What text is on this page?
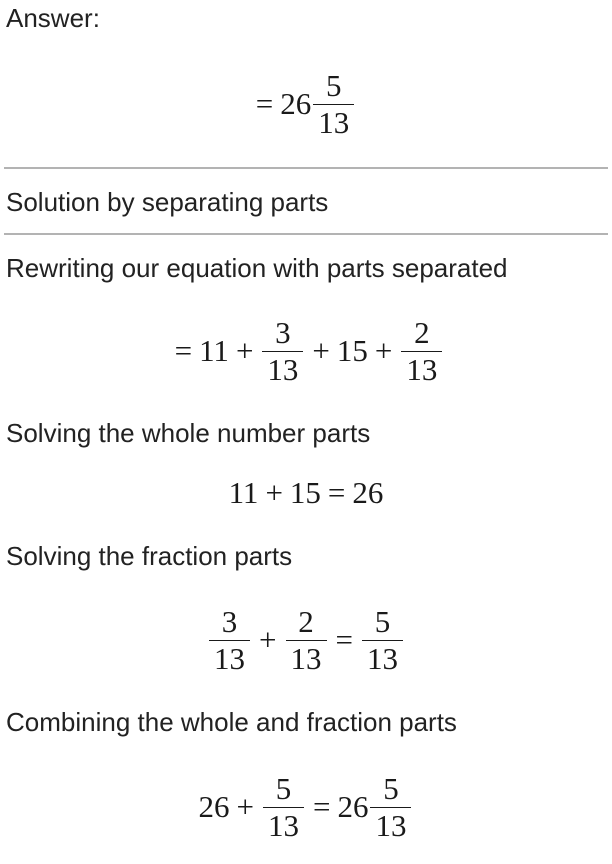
Answer:
= $26 \frac{5}{13}$
Solution by separating parts
Rewriting our equation with parts separated
= $11 + \frac{3}{13} + 15 + \frac{2}{13}$
Solving the whole number parts
11 + 15 = 26
Solving the fraction parts
$\frac{3}{13} + \frac{2}{13} = \frac{5}{13}$
Combining the whole and fraction parts
$26 + \frac{5}{13} = 26 \frac{5}{13}$
